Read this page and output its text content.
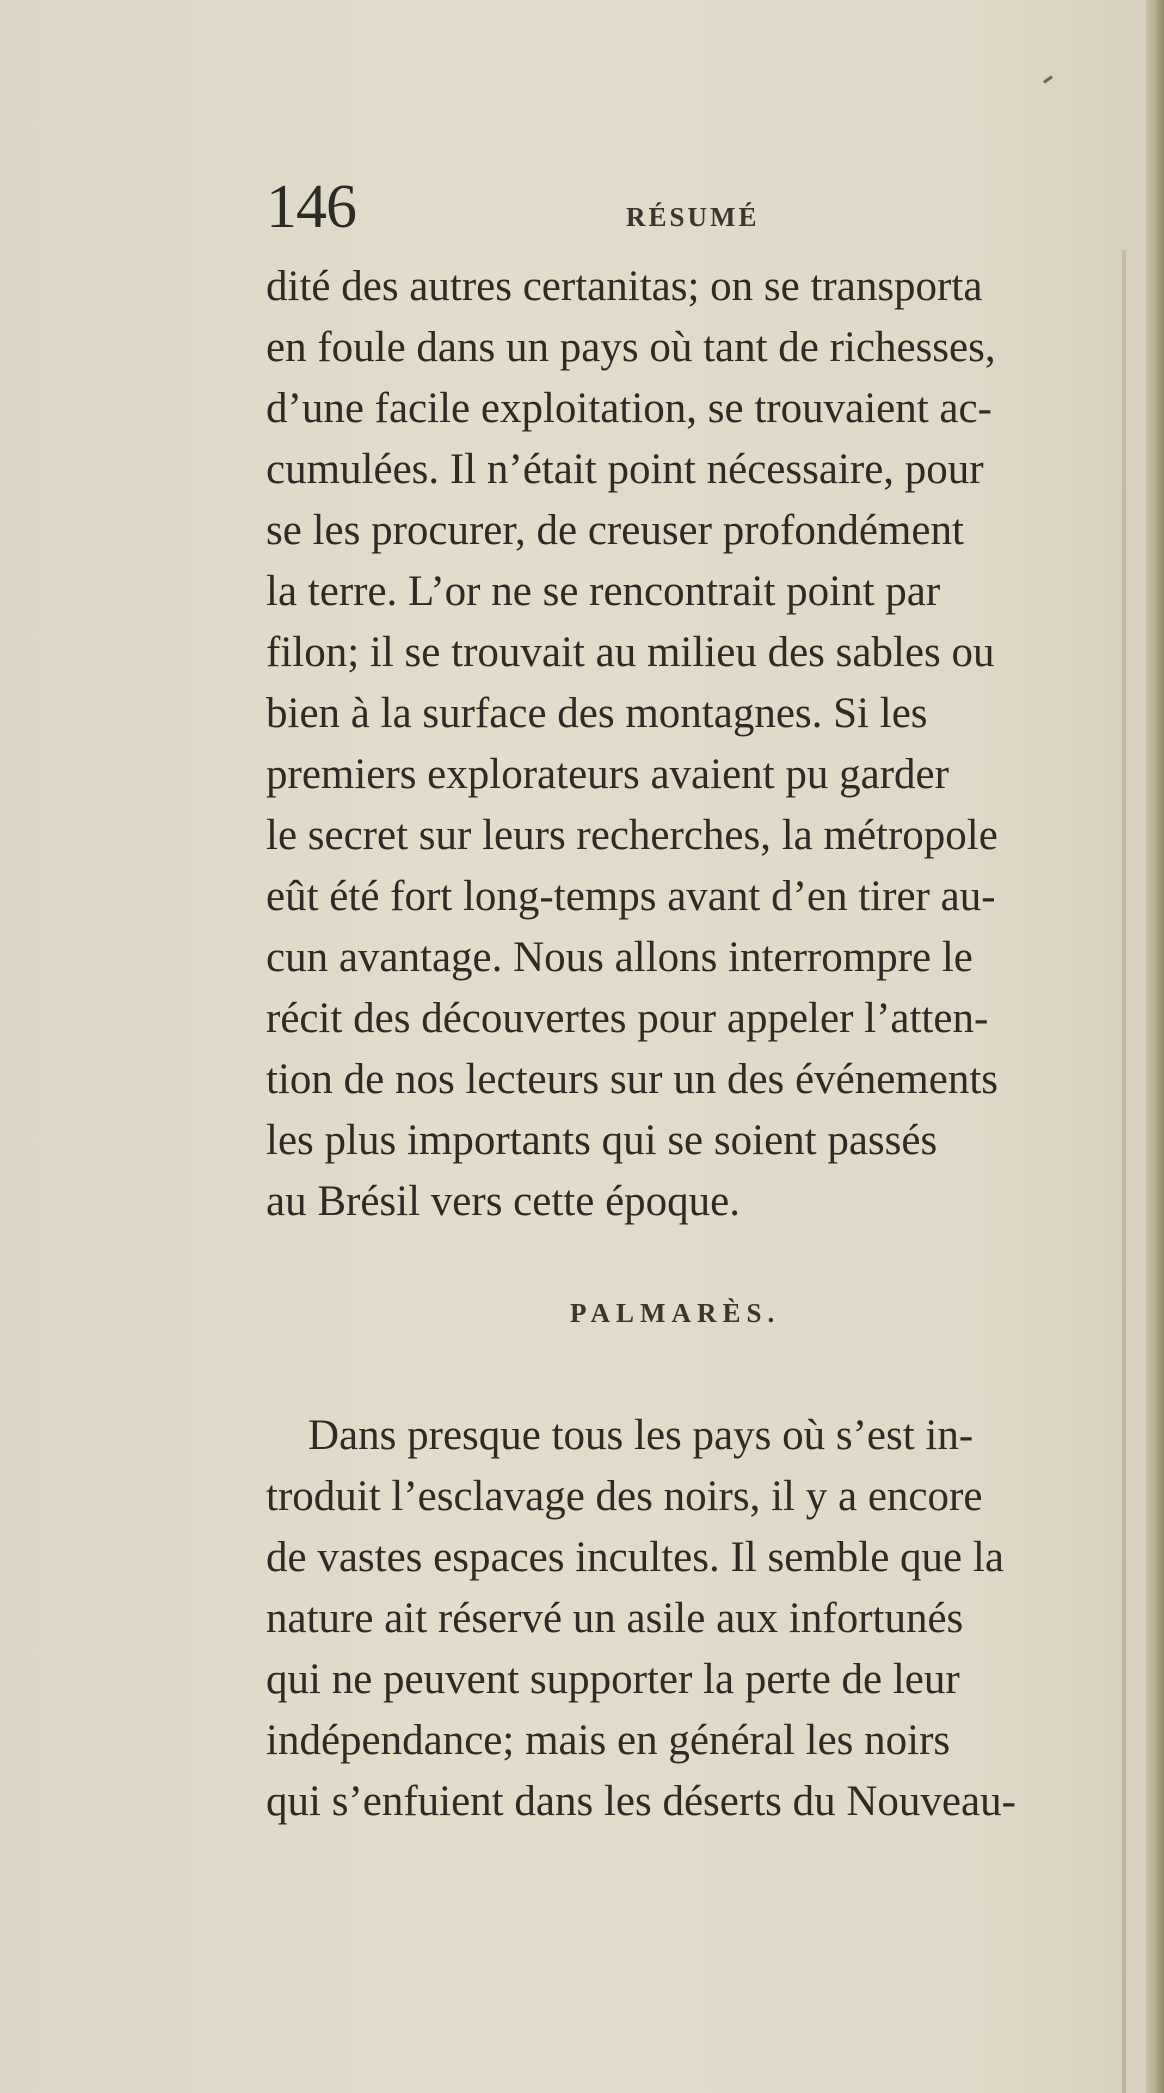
146	RÉSUMÉ
dité des autres certanitas; on se transporta
en foule dans un pays où tant de richesses,
d’une facile exploitation, se trouvaient ac-
cumulées. Il n’était point nécessaire, pour
se les procurer, de creuser profondément
la terre. L’or ne se rencontrait point par
filon; il se trouvait au milieu des sables ou
bien à la surface des montagnes. Si les
premiers explorateurs avaient pu garder
le secret sur leurs recherches, la métropole
eût été fort long-temps avant d’en tirer au-
cun avantage. Nous allons interrompre le
récit des découvertes pour appeler l’atten-
tion de nos lecteurs sur un des événements
les plus importants qui se soient passés
au Brésil vers cette époque.
PALMARÈS.
Dans presque tous les pays où s’est in-
troduit l’esclavage des noirs, il y a encore
de vastes espaces incultes. Il semble que la
nature ait réservé un asile aux infortunés
qui ne peuvent supporter la perte de leur
indépendance; mais en général les noirs
qui s’enfuient dans les déserts du Nouveau-
